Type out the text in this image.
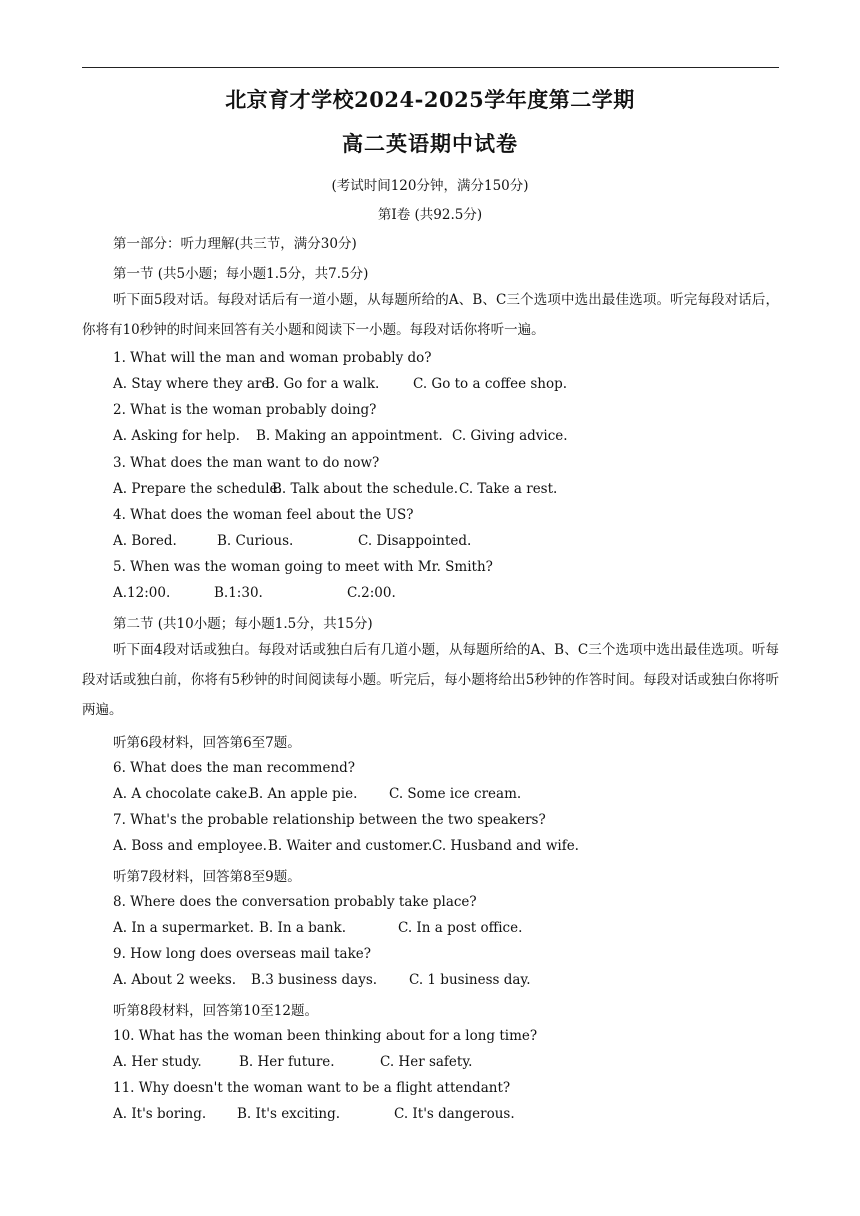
北京育才学校2024-2025学年度第二学期
高二英语期中试卷
(考试时间120分钟，满分150分)
第Ⅰ卷 (共92.5分)
第一部分：听力理解(共三节，满分30分)
第一节 (共5小题；每小题1.5分，共7.5分)
听下面5段对话。每段对话后有一道小题，从每题所给的A、B、C三个选项中选出最佳选项。听完每段对话后，你将有10秒钟的时间来回答有关小题和阅读下一小题。每段对话你将听一遍。
1. What will the man and woman probably do?
A. Stay where they are.
B. Go for a walk. C. Go to a coffee shop.
2. What is the woman probably doing?
A. Asking for help. B. Making an appointment. C. Giving advice.
3. What does the man want to do now?
A. Prepare the schedule.
B. Talk about the schedule. C. Take a rest.
4. What does the woman feel about the US?
A. Bored.	B. Curious.	C. Disappointed.
5. When was the woman going to meet with Mr. Smith?
A.12:00.	B.1:30.	C.2:00.
第二节 (共10小题；每小题1.5分，共15分)
听下面4段对话或独白。每段对话或独白后有几道小题，从每题所给的A、B、C三个选项中选出最佳选项。听每段对话或独白前，你将有5秒钟的时间阅读每小题。听完后，每小题将给出5秒钟的作答时间。每段对话或独白你将听两遍。
听第6段材料，回答第6至7题。
6. What does the man recommend?
A. A chocolate cake.
B. An apple pie. C. Some ice cream.
7. What's the probable relationship between the two speakers?
A. Boss and employee. B. Waiter and customer. C. Husband and wife.
听第7段材料，回答第8至9题。
8. Where does the conversation probably take place?
A. In a supermarket. B. In a bank.	C. In a post office.
9. How long does overseas mail take?
A. About 2 weeks. B.3 business days. C. 1 business day.
听第8段材料，回答第10至12题。
10. What has the woman been thinking about for a long time?
A. Her study.	B. Her future.	C. Her safety.
11. Why doesn't the woman want to be a flight attendant?
A. It's boring. B. It's exciting.	C. It's dangerous.
